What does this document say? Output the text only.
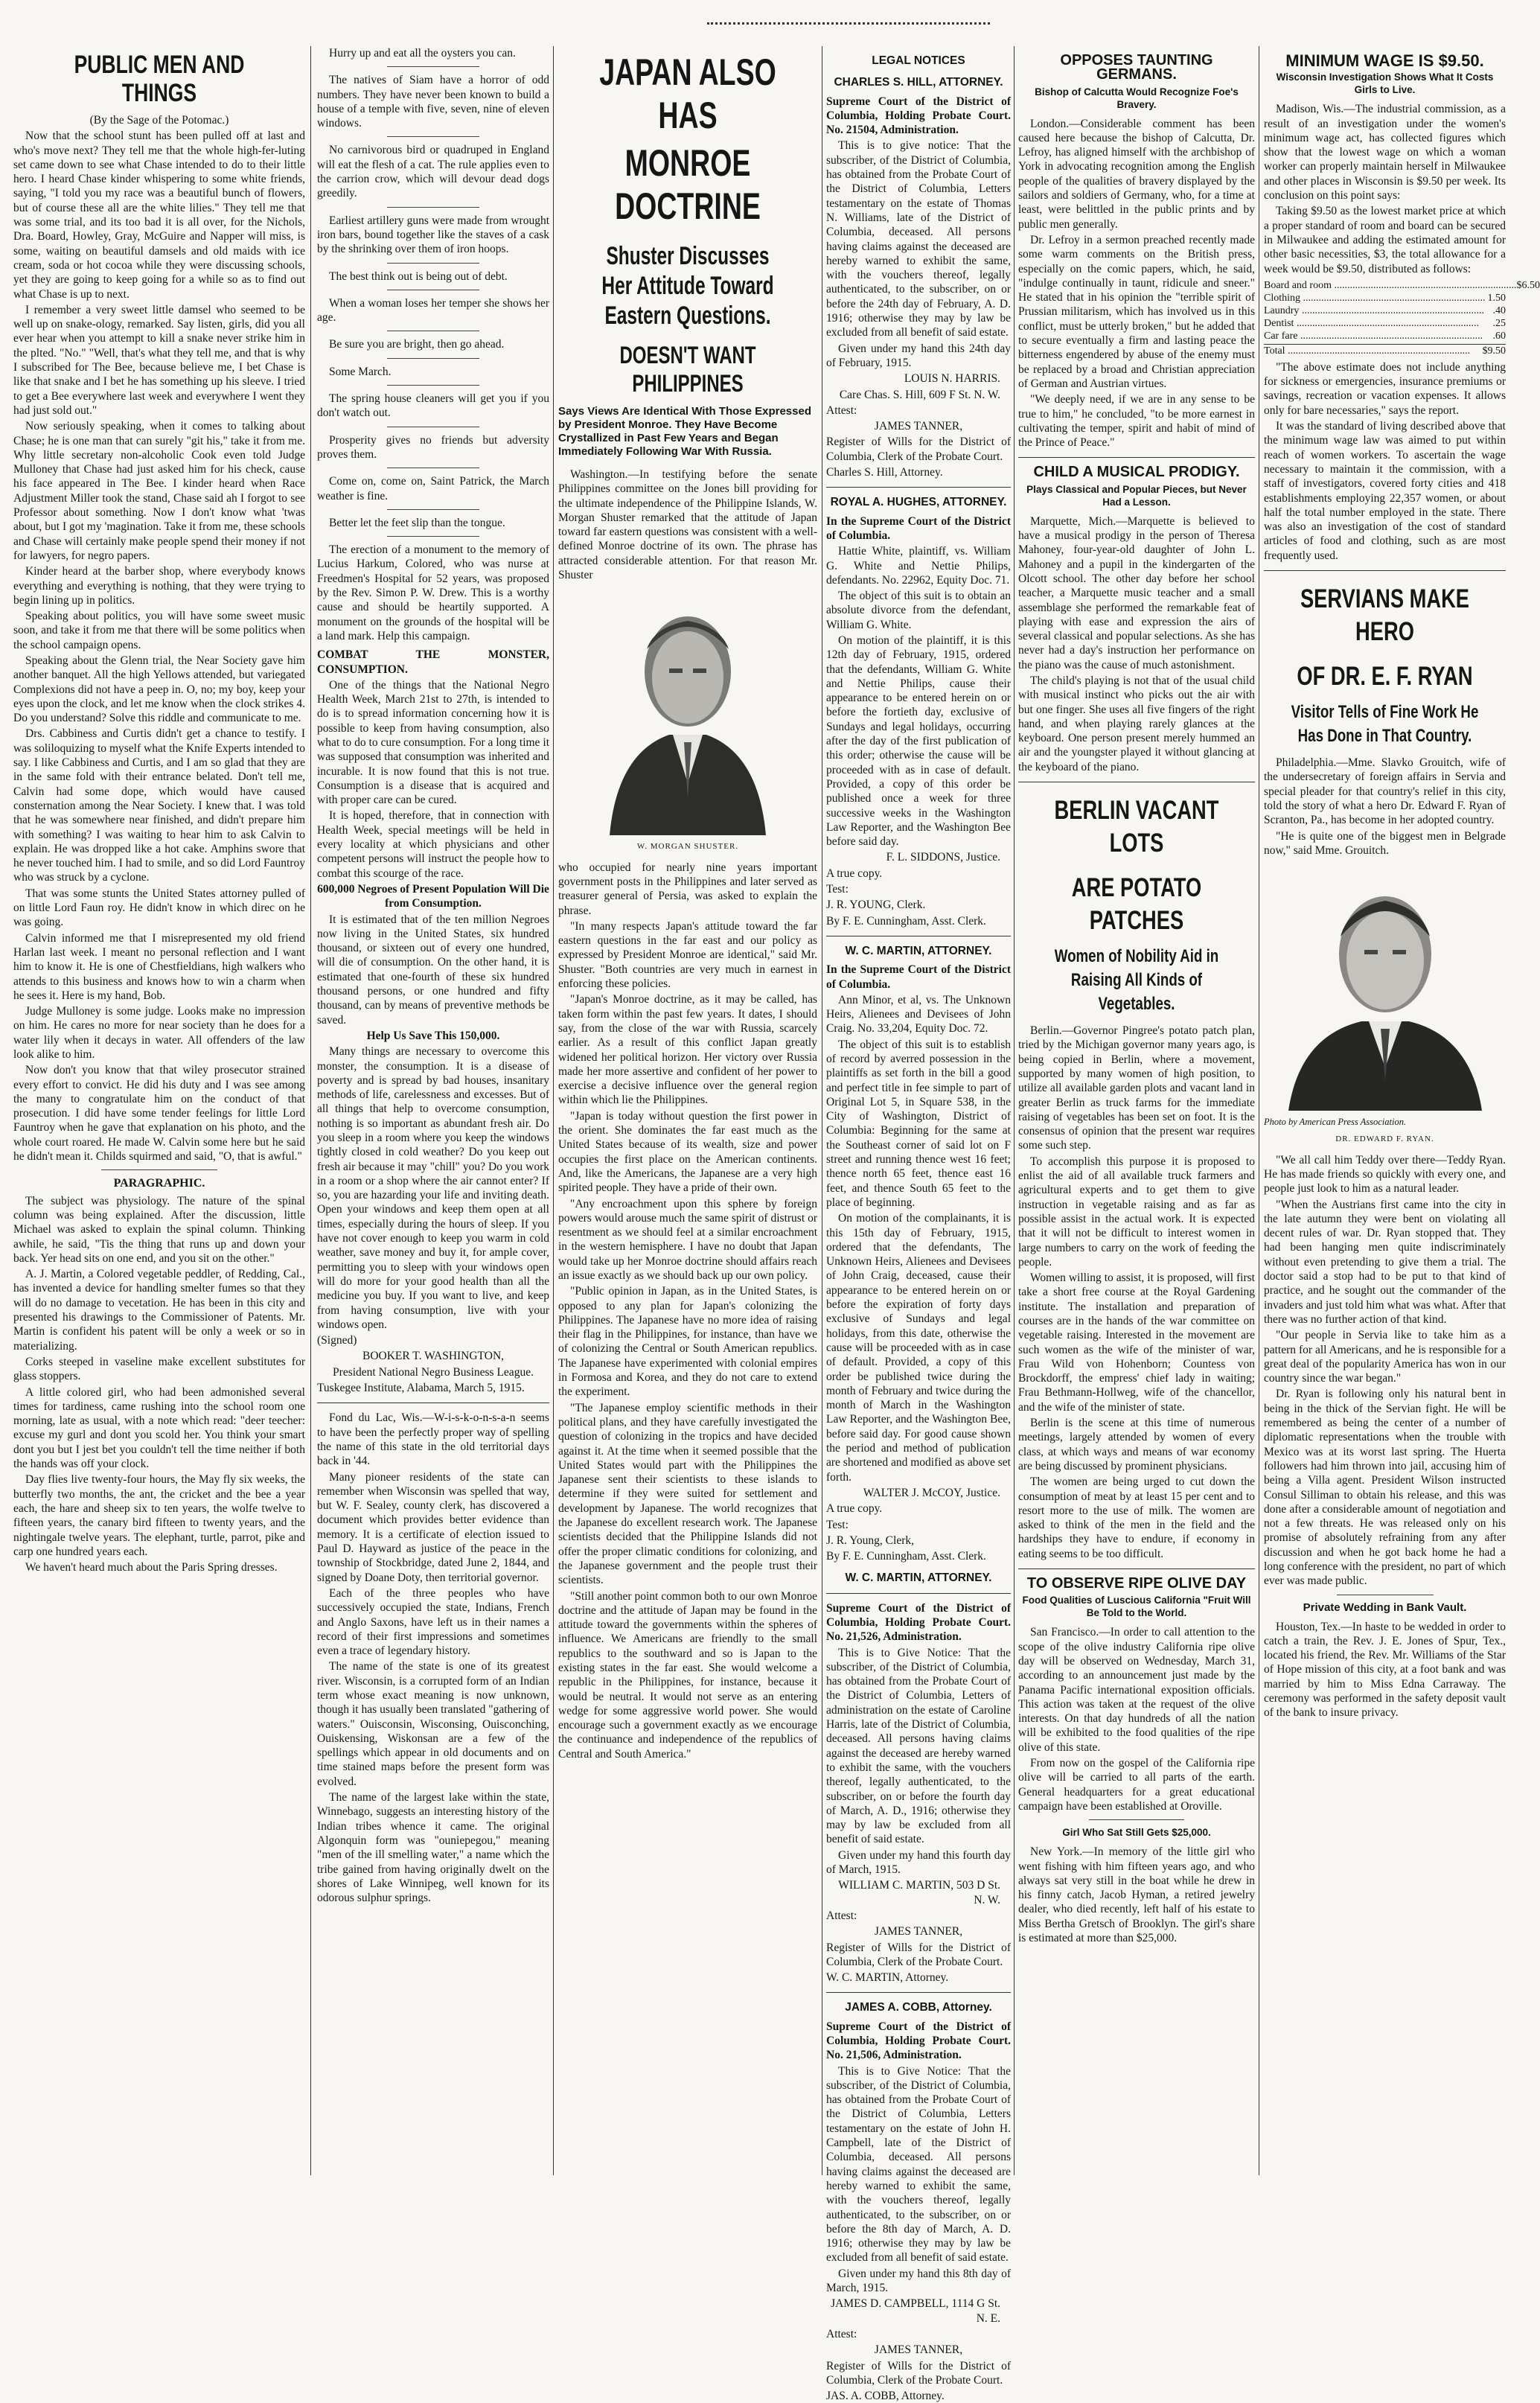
PUBLIC MEN AND THINGS

(By the Sage of the Potomac.)

Now that the school stunt has been pulled off at last and who's move next? They tell me that the whole high-fer-luting set came down to see what Chase intended to do to their little hero. I heard Chase kinder whispering to some white friends, saying, "I told you my race was a beautiful bunch of flowers, but of course these all are the white lilies." They tell me that was some trial, and its too bad it is all over, for the Nichols, Dra. Board, Howley, Gray, McGuire and Napper will miss, is some, waiting on beautiful damsels and old maids with ice cream, soda or hot cocoa while they were discussing schools, yet they are going to keep going for a while so as to find out what Chase is up to next.

I remember a very sweet little damsel who seemed to be well up on snake-ology, remarked. Say listen, girls, did you all ever hear when you attempt to kill a snake never strike him in the plted. "No." "Well, that's what they tell me, and that is why I subscribed for The Bee, because believe me, I bet Chase is like that snake and I bet he has something up his sleeve. I tried to get a Bee everywhere last week and everywhere I went they had just sold out."

Now seriously speaking, when it comes to talking about Chase; he is one man that can surely "git his," take it from me. Why little secretary non-alcoholic Cook even told Judge Mulloney that Chase had just asked him for his check, cause his face appeared in The Bee. I kinder heard when Race Adjustment Miller took the stand, Chase said ah I forgot to see Professor about something. Now I don't know what 'twas about, but I got my 'magination. Take it from me, these schools and Chase will certainly make people spend their money if not for lawyers, for negro papers.

Kinder heard at the barber shop, where everybody knows everything and everything is nothing, that they were trying to begin lining up in politics.

Speaking about politics, you will have some sweet music soon, and take it from me that there will be some politics when the school campaign opens.

Speaking about the Glenn trial, the Near Society gave him another banquet. All the high Yellows attended, but variegated Complexions did not have a peep in. O, no; my boy, keep your eyes upon the clock, and let me know when the clock strikes 4. Do you understand? Solve this riddle and communicate to me.

Drs. Cabbiness and Curtis didn't get a chance to testify. I was soliloquizing to myself what the Knife Experts intended to say. I like Cabbiness and Curtis, and I am so glad that they are in the same fold with their entrance belated. Don't tell me, Calvin had some dope, which would have caused consternation among the Near Society. I knew that. I was told that he was somewhere near finished, and didn't prepare him with something? I was waiting to hear him to ask Calvin to explain. He was dropped like a hot cake. Amphins swore that he never touched him. I had to smile, and so did Lord Fauntroy who was struck by a cyclone.

That was some stunts the United States attorney pulled of on little Lord Faun roy. He didn't know in which direc on he was going.

Calvin informed me that I misrepresented my old friend Harlan last week. I meant no personal reflection and I want him to know it. He is one of Chestfieldians, high walkers who attends to this business and knows how to win a charm when he sees it. Here is my hand, Bob.

Judge Mulloney is some judge. Looks make no impression on him. He cares no more for near society than he does for a water lily when it decays in water. All offenders of the law look alike to him.

Now don't you know that that wiley prosecutor strained every effort to convict. He did his duty and I was see among the many to congratulate him on the conduct of that prosecution. I did have some tender feelings for little Lord Fauntroy when he gave that explanation on his photo, and the whole court roared. He made W. Calvin some here but he said he didn't mean it. Childs squirmed and said, "O, that is awful."

PARAGRAPHIC.

The subject was physiology. The nature of the spinal column was being explained. After the discussion, little Michael was asked to explain the spinal column. Thinking awhile, he said, "Tis the thing that runs up and down your back. Yer head sits on one end, and you sit on the other."

A. J. Martin, a Colored vegetable peddler, of Redding, Cal., has invented a device for handling smelter fumes so that they will do no damage to vecetation. He has been in this city and presented his drawings to the Commissioner of Patents. Mr. Martin is confident his patent will be only a week or so in materializing.

Corks steeped in vaseline make excellent substitutes for glass stoppers.

A little colored girl, who had been admonished several times for tardiness, came rushing into the school room one morning, late as usual, with a note which read: "deer teecher: excuse my gurl and dont you scold her. You think your smart dont you but I jest bet you couldn't tell the time neither if both the hands was off your clock.

Day flies live twenty-four hours, the May fly six weeks, the butterfly two months, the ant, the cricket and the bee a year each, the hare and sheep six to ten years, the wolfe twelve to fifteen years, the canary bird fifteen to twenty years, and the nightingale twelve years. The elephant, turtle, parrot, pike and carp one hundred years each.

We haven't heard much about the Paris Spring dresses.

Hurry up and eat all the oysters you can.

The natives of Siam have a horror of odd numbers. They have never been known to build a house of a temple with five, seven, nine of eleven windows.

No carnivorous bird or quadruped in England will eat the flesh of a cat. The rule applies even to the carrion crow, which will devour dead dogs greedily.

Earliest artillery guns were made from wrought iron bars, bound together like the staves of a cask by the shrinking over them of iron hoops.

The best think out is being out of debt.

When a woman loses her temper she shows her age.

Be sure you are bright, then go ahead.

Some March.

The spring house cleaners will get you if you don't watch out.

Prosperity gives no friends but adversity proves them.

Come on, come on, Saint Patrick, the March weather is fine.

Better let the feet slip than the tongue.

The erection of a monument to the memory of Lucius Harkum, Colored, who was nurse at Freedmen's Hospital for 52 years, was proposed by the Rev. Simon P. W. Drew. This is a worthy cause and should be heartily supported. A monument on the grounds of the hospital will be a land mark. Help this campaign.

COMBAT THE MONSTER, CONSUMPTION.

One of the things that the National Negro Health Week, March 21st to 27th, is intended to do is to spread information concerning how it is possible to keep from having consumption, also what to do to cure consumption. For a long time it was supposed that consumption was inherited and incurable. It is now found that this is not true. Consumption is a disease that is acquired and with proper care can be cured.

It is hoped, therefore, that in connection with Health Week, special meetings will be held in every locality at which physicians and other competent persons will instruct the people how to combat this scourge of the race.

600,000 Negroes of Present Population Will Die from Consumption.

It is estimated that of the ten million Negroes now living in the United States, six hundred thousand, or sixteen out of every one hundred, will die of consumption. On the other hand, it is estimated that one-fourth of these six hundred thousand persons, or one hundred and fifty thousand, can by means of preventive methods be saved.

Help Us Save This 150,000.

Many things are necessary to overcome this monster, the consumption. It is a disease of poverty and is spread by bad houses, insanitary methods of life, carelessness and excesses. But of all things that help to overcome consumption, nothing is so important as abundant fresh air. Do you sleep in a room where you keep the windows tightly closed in cold weather? Do you keep out fresh air because it may "chill" you? Do you work in a room or a shop where the air cannot enter? If so, you are hazarding your life and inviting death. Open your windows and keep them open at all times, especially during the hours of sleep. If you have not cover enough to keep you warm in cold weather, save money and buy it, for ample cover, permitting you to sleep with your windows open will do more for your good health than all the medicine you buy. If you want to live, and keep from having consumption, live with your windows open.

(Signed)

BOOKER T. WASHINGTON,

President National Negro Business League.

Tuskegee Institute, Alabama, March 5, 1915.

Fond du Lac, Wis.—W-i-s-k-o-n-s-a-n seems to have been the perfectly proper way of spelling the name of this state in the old territorial days back in '44.

Many pioneer residents of the state can remember when Wisconsin was spelled that way, but W. F. Sealey, county clerk, has discovered a document which provides better evidence than memory. It is a certificate of election issued to Paul D. Hayward as justice of the peace in the township of Stockbridge, dated June 2, 1844, and signed by Doane Doty, then territorial governor.

Each of the three peoples who have successively occupied the state, Indians, French and Anglo Saxons, have left us in their names a record of their first impressions and sometimes even a trace of legendary history.

The name of the state is one of its greatest river. Wisconsin, is a corrupted form of an Indian term whose exact meaning is now unknown, though it has usually been translated "gathering of waters." Ouisconsin, Wisconsing, Ouisconching, Ouiskensing, Wiskonsan are a few of the spellings which appear in old documents and on time stained maps before the present form was evolved.

The name of the largest lake within the state, Winnebago, suggests an interesting history of the Indian tribes whence it came. The original Algonquin form was "ouniepegou," meaning "men of the ill smelling water," a name which the tribe gained from having originally dwelt on the shores of Lake Winnipeg, well known for its odorous sulphur springs.

JAPAN ALSO HAS
MONROE DOCTRINE
Shuster Discusses Her Attitude Toward Eastern Questions.
DOESN'T WANT PHILIPPINES
Says Views Are Identical With Those Expressed by President Monroe. They Have Become Crystallized in Past Few Years and Began Immediately Following War With Russia.

Washington.—In testifying before the senate Philippines committee on the Jones bill providing for the ultimate independence of the Philippine Islands, W. Morgan Shuster remarked that the attitude of Japan toward far eastern questions was consistent with a well-defined Monroe doctrine of its own. The phrase has attracted considerable attention. For that reason Mr. Shuster

W. MORGAN SHUSTER.

who occupied for nearly nine years important government posts in the Philippines and later served as treasurer general of Persia, was asked to explain the phrase.

"In many respects Japan's attitude toward the far eastern questions in the far east and our policy as expressed by President Monroe are identical," said Mr. Shuster. "Both countries are very much in earnest in enforcing these policies.

"Japan's Monroe doctrine, as it may be called, has taken form within the past few years. It dates, I should say, from the close of the war with Russia, scarcely earlier. As a result of this conflict Japan greatly widened her political horizon. Her victory over Russia made her more assertive and confident of her power to exercise a decisive influence over the general region within which lie the Philippines.

"Japan is today without question the first power in the orient. She dominates the far east much as the United States because of its wealth, size and power occupies the first place on the American continents. And, like the Americans, the Japanese are a very high spirited people. They have a pride of their own.

"Any encroachment upon this sphere by foreign powers would arouse much the same spirit of distrust or resentment as we should feel at a similar encroachment in the western hemisphere. I have no doubt that Japan would take up her Monroe doctrine should affairs reach an issue exactly as we should back up our own policy.

"Public opinion in Japan, as in the United States, is opposed to any plan for Japan's colonizing the Philippines. The Japanese have no more idea of raising their flag in the Philippines, for instance, than have we of colonizing the Central or South American republics. The Japanese have experimented with colonial empires in Formosa and Korea, and they do not care to extend the experiment.

"The Japanese employ scientific methods in their political plans, and they have carefully investigated the question of colonizing in the tropics and have decided against it. At the time when it seemed possible that the United States would part with the Philippines the Japanese sent their scientists to these islands to determine if they were suited for settlement and development by Japanese. The world recognizes that the Japanese do excellent research work. The Japanese scientists decided that the Philippine Islands did not offer the proper climatic conditions for colonizing, and the Japanese government and the people trust their scientists.

"Still another point common both to our own Monroe doctrine and the attitude of Japan may be found in the attitude toward the governments within the spheres of influence. We Americans are friendly to the small republics to the southward and so is Japan to the existing states in the far east. She would welcome a republic in the Philippines, for instance, because it would be neutral. It would not serve as an entering wedge for some aggressive world power. She would encourage such a government exactly as we encourage the continuance and independence of the republics of Central and South America."

LEGAL NOTICES

CHARLES S. HILL, ATTORNEY.

Supreme Court of the District of Columbia, Holding Probate Court. No. 21504, Administration.

This is to give notice: That the subscriber, of the District of Columbia, has obtained from the Probate Court of the District of Columbia, Letters testamentary on the estate of Thomas N. Williams, late of the District of Columbia, deceased. All persons having claims against the deceased are hereby warned to exhibit the same, with the vouchers thereof, legally authenticated, to the subscriber, on or before the 24th day of February, A. D. 1916; otherwise they may by law be excluded from all benefit of said estate.

Given under my hand this 24th day of February, 1915.

LOUIS N. HARRIS.

Care Chas. S. Hill, 609 F St. N. W.

Attest:

JAMES TANNER,

Register of Wills for the District of Columbia, Clerk of the Probate Court.

Charles S. Hill, Attorney.

ROYAL A. HUGHES, ATTORNEY.

In the Supreme Court of the District of Columbia.

Hattie White, plaintiff, vs. William G. White and Nettie Philips, defendants. No. 22962, Equity Doc. 71.

The object of this suit is to obtain an absolute divorce from the defendant, William G. White.

On motion of the plaintiff, it is this 12th day of February, 1915, ordered that the defendants, William G. White and Nettie Philips, cause their appearance to be entered herein on or before the fortieth day, exclusive of Sundays and legal holidays, occurring after the day of the first publication of this order; otherwise the cause will be proceeded with as in case of default. Provided, a copy of this order be published once a week for three successive weeks in the Washington Law Reporter, and the Washington Bee before said day.

F. L. SIDDONS, Justice.

A true copy.

Test:

J. R. YOUNG, Clerk.

By F. E. Cunningham, Asst. Clerk.

W. C. MARTIN, ATTORNEY.

In the Supreme Court of the District of Columbia.

Ann Minor, et al, vs. The Unknown Heirs, Alienees and Devisees of John Craig. No. 33,204, Equity Doc. 72.

The object of this suit is to establish of record by averred possession in the plaintiffs as set forth in the bill a good and perfect title in fee simple to part of Original Lot 5, in Square 538, in the City of Washington, District of Columbia: Beginning for the same at the Southeast corner of said lot on F street and running thence west 16 feet; thence north 65 feet, thence east 16 feet, and thence South 65 feet to the place of beginning.

On motion of the complainants, it is this 15th day of February, 1915, ordered that the defendants, The Unknown Heirs, Alienees and Devisees of John Craig, deceased, cause their appearance to be entered herein on or before the expiration of forty days exclusive of Sundays and legal holidays, from this date, otherwise the cause will be proceeded with as in case of default. Provided, a copy of this order be published twice during the month of February and twice during the month of March in the Washington Law Reporter, and the Washington Bee, before said day. For good cause shown the period and method of publication are shortened and modified as above set forth.

WALTER J. McCOY, Justice.

A true copy.

Test:

J. R. Young, Clerk,

By F. E. Cunningham, Asst. Clerk.

W. C. MARTIN, ATTORNEY.

Supreme Court of the District of Columbia, Holding Probate Court. No. 21,526, Administration.

This is to Give Notice: That the subscriber, of the District of Columbia, has obtained from the Probate Court of the District of Columbia, Letters of administration on the estate of Caroline Harris, late of the District of Columbia, deceased. All persons having claims against the deceased are hereby warned to exhibit the same, with the vouchers thereof, legally authenticated, to the subscriber, on or before the fourth day of March, A. D., 1916; otherwise they may by law be excluded from all benefit of said estate.

Given under my hand this fourth day of March, 1915.

WILLIAM C. MARTIN, 503 D St. N. W.

Attest:

JAMES TANNER,

Register of Wills for the District of Columbia, Clerk of the Probate Court.

W. C. MARTIN, Attorney.

JAMES A. COBB, Attorney.

Supreme Court of the District of Columbia, Holding Probate Court. No. 21,506, Administration.

This is to Give Notice: That the subscriber, of the District of Columbia, has obtained from the Probate Court of the District of Columbia, Letters testamentary on the estate of John H. Campbell, late of the District of Columbia, deceased. All persons having claims against the deceased are hereby warned to exhibit the same, with the vouchers thereof, legally authenticated, to the subscriber, on or before the 8th day of March, A. D. 1916; otherwise they may by law be excluded from all benefit of said estate.

Given under my hand this 8th day of March, 1915.

JAMES D. CAMPBELL, 1114 G St. N. E.

Attest:

JAMES TANNER,

Register of Wills for the District of Columbia, Clerk of the Probate Court.

JAS. A. COBB, Attorney.

OPPOSES TAUNTING GERMANS.

Bishop of Calcutta Would Recognize Foe's Bravery.

London.—Considerable comment has been caused here because the bishop of Calcutta, Dr. Lefroy, has aligned himself with the archbishop of York in advocating recognition among the English people of the qualities of bravery displayed by the sailors and soldiers of Germany, who, for a time at least, were belittled in the public prints and by public men generally.

Dr. Lefroy in a sermon preached recently made some warm comments on the British press, especially on the comic papers, which, he said, "indulge continually in taunt, ridicule and sneer." He stated that in his opinion the "terrible spirit of Prussian militarism, which has involved us in this conflict, must be utterly broken," but he added that to secure eventually a firm and lasting peace the bitterness engendered by abuse of the enemy must be replaced by a broad and Christian appreciation of German and Austrian virtues.

"We deeply need, if we are in any sense to be true to him," he concluded, "to be more earnest in cultivating the temper, spirit and habit of mind of the Prince of Peace."

CHILD A MUSICAL PRODIGY.

Plays Classical and Popular Pieces, but Never Had a Lesson.

Marquette, Mich.—Marquette is believed to have a musical prodigy in the person of Theresa Mahoney, four-year-old daughter of John L. Mahoney and a pupil in the kindergarten of the Olcott school. The other day before her school teacher, a Marquette music teacher and a small assemblage she performed the remarkable feat of playing with ease and expression the airs of several classical and popular selections. As she has never had a day's instruction her performance on the piano was the cause of much astonishment.

The child's playing is not that of the usual child with musical instinct who picks out the air with but one finger. She uses all five fingers of the right hand, and when playing rarely glances at the keyboard. One person present merely hummed an air and the youngster played it without glancing at the keyboard of the piano.

BERLIN VACANT LOTS
ARE POTATO PATCHES
Women of Nobility Aid in Raising All Kinds of Vegetables.

Berlin.—Governor Pingree's potato patch plan, tried by the Michigan governor many years ago, is being copied in Berlin, where a movement, supported by many women of high position, to utilize all available garden plots and vacant land in greater Berlin as truck farms for the immediate raising of vegetables has been set on foot. It is the consensus of opinion that the present war requires some such step.

To accomplish this purpose it is proposed to enlist the aid of all available truck farmers and agricultural experts and to get them to give instruction in vegetable raising and as far as possible assist in the actual work. It is expected that it will not be difficult to interest women in large numbers to carry on the work of feeding the people.

Women willing to assist, it is proposed, will first take a short free course at the Royal Gardening institute. The installation and preparation of courses are in the hands of the war committee on vegetable raising. Interested in the movement are such women as the wife of the minister of war, Frau Wild von Hohenborn; Countess von Brockdorff, the empress' chief lady in waiting; Frau Bethmann-Hollweg, wife of the chancellor, and the wife of the minister of state.

Berlin is the scene at this time of numerous meetings, largely attended by women of every class, at which ways and means of war economy are being discussed by prominent physicians.

The women are being urged to cut down the consumption of meat by at least 15 per cent and to resort more to the use of milk. The women are asked to think of the men in the field and the hardships they have to endure, if economy in eating seems to be too difficult.

TO OBSERVE RIPE OLIVE DAY

Food Qualities of Luscious California "Fruit Will Be Told to the World.

San Francisco.—In order to call attention to the scope of the olive industry California ripe olive day will be observed on Wednesday, March 31, according to an announcement just made by the Panama Pacific international exposition officials. This action was taken at the request of the olive interests. On that day hundreds of all the nation will be exhibited to the food qualities of the ripe olive of this state.

From now on the gospel of the California ripe olive will be carried to all parts of the earth. General headquarters for a great educational campaign have been established at Oroville.

Girl Who Sat Still Gets $25,000.

New York.—In memory of the little girl who went fishing with him fifteen years ago, and who always sat very still in the boat while he drew in his finny catch, Jacob Hyman, a retired jewelry dealer, who died recently, left half of his estate to Miss Bertha Gretsch of Brooklyn. The girl's share is estimated at more than $25,000.

MINIMUM WAGE IS $9.50.

Wisconsin Investigation Shows What It Costs Girls to Live.

Madison, Wis.—The industrial commission, as a result of an investigation under the women's minimum wage act, has collected figures which show that the lowest wage on which a woman worker can properly maintain herself in Milwaukee and other places in Wisconsin is $9.50 per week. Its conclusion on this point says:

Taking $9.50 as the lowest market price at which a proper standard of room and board can be secured in Milwaukee and adding the estimated amount for other basic necessities, $3, the total allowance for a week would be $9.50, distributed as follows:

Board and room .....	$6.50
Clothing .....	1.50
Laundry .....	.40
Dentist .....	.25
Car fare .....	.60
Total .....	$9.50

"The above estimate does not include anything for sickness or emergencies, insurance premiums or savings, recreation or vacation expenses. It allows only for bare necessaries," says the report.

It was the standard of living described above that the minimum wage law was aimed to put within reach of women workers. To ascertain the wage necessary to maintain it the commission, with a staff of investigators, covered forty cities and 418 establishments employing 22,357 women, or about half the total number employed in the state. There was also an investigation of the cost of standard articles of food and clothing, such as are most frequently used.

SERVIANS MAKE HERO
OF DR. E. F. RYAN
Visitor Tells of Fine Work He Has Done in That Country.

Philadelphia.—Mme. Slavko Grouitch, wife of the undersecretary of foreign affairs in Servia and special pleader for that country's relief in this city, told the story of what a hero Dr. Edward F. Ryan of Scranton, Pa., has become in her adopted country.

"He is quite one of the biggest men in Belgrade now," said Mme. Grouitch.

Photo by American Press Association.

DR. EDWARD F. RYAN.

"We all call him Teddy over there—Teddy Ryan. He has made friends so quickly with every one, and people just look to him as a natural leader.

"When the Austrians first came into the city in the late autumn they were bent on violating all decent rules of war. Dr. Ryan stopped that. They had been hanging men quite indiscriminately without even pretending to give them a trial. The doctor said a stop had to be put to that kind of practice, and he sought out the commander of the invaders and just told him what was what. After that there was no further action of that kind.

"Our people in Servia like to take him as a pattern for all Americans, and he is responsible for a great deal of the popularity America has won in our country since the war began."

Dr. Ryan is following only his natural bent in being in the thick of the Servian fight. He will be remembered as being the center of a number of diplomatic representations when the trouble with Mexico was at its worst last spring. The Huerta followers had him thrown into jail, accusing him of being a Villa agent. President Wilson instructed Consul Silliman to obtain his release, and this was done after a considerable amount of negotiation and not a few threats. He was released only on his promise of absolutely refraining from any after discussion and when he got back home he had a long conference with the president, no part of which ever was made public.

Private Wedding in Bank Vault.

Houston, Tex.—In haste to be wedded in order to catch a train, the Rev. J. E. Jones of Spur, Tex., located his friend, the Rev. Mr. Williams of the Star of Hope mission of this city, at a foot bank and was married by him to Miss Edna Carraway. The ceremony was performed in the safety deposit vault of the bank to insure privacy.
